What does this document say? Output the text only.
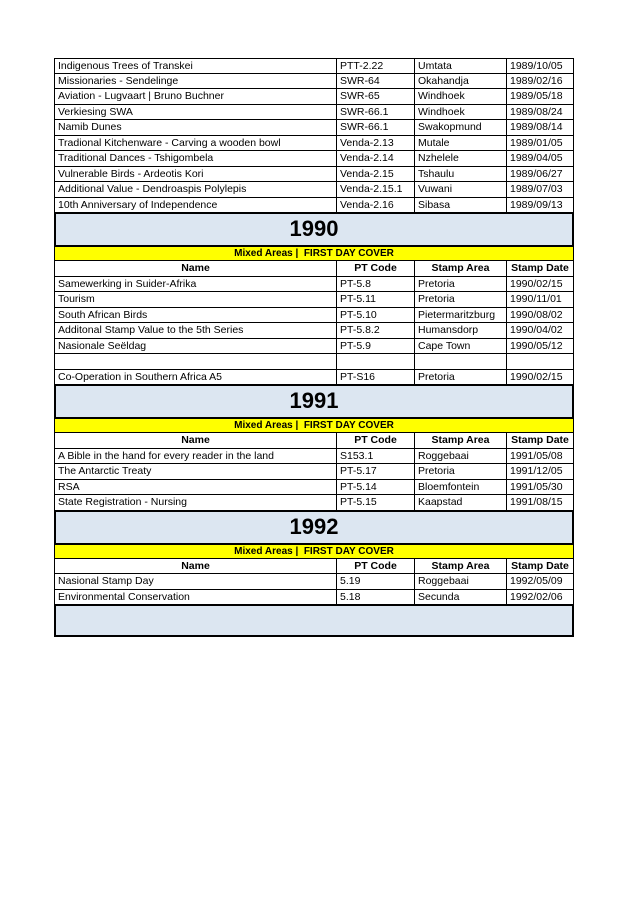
Indigenous Trees of Transkei	PTT-2.22	Umtata	1989/10/05
Missionaries - Sendelinge	SWR-64	Okahandja	1989/02/16
Aviation - Lugvaart | Bruno Buchner	SWR-65	Windhoek	1989/05/18
Verkiesing SWA	SWR-66.1	Windhoek	1989/08/24
Namib Dunes	SWR-66.1	Swakopmund	1989/08/14
Tradional Kitchenware - Carving a wooden bowl	Venda-2.13	Mutale	1989/01/05
Traditional Dances - Tshigombela	Venda-2.14	Nzhelele	1989/04/05
Vulnerable Birds - Ardeotis Kori	Venda-2.15	Tshaulu	1989/06/27
Additional Value - Dendroaspis Polylepis	Venda-2.15.1	Vuwani	1989/07/03
10th Anniversary of Independence	Venda-2.16	Sibasa	1989/09/13
1990
Mixed Areas | FIRST DAY COVER
Name	PT Code	Stamp Area	Stamp Date
Samewerking in Suider-Afrika	PT-5.8	Pretoria	1990/02/15
Tourism	PT-5.11	Pretoria	1990/11/01
South African Birds	PT-5.10	Pietermaritzburg	1990/08/02
Additonal Stamp Value to the 5th Series	PT-5.8.2	Humansdorp	1990/04/02
Nasionale Seëldag	PT-5.9	Cape Town	1990/05/12
Co-Operation in Southern Africa A5	PT-S16	Pretoria	1990/02/15
1991
Mixed Areas | FIRST DAY COVER
Name	PT Code	Stamp Area	Stamp Date
A Bible in the hand for every reader in the land	S153.1	Roggebaai	1991/05/08
The Antarctic Treaty	PT-5.17	Pretoria	1991/12/05
RSA	PT-5.14	Bloemfontein	1991/05/30
State Registration - Nursing	PT-5.15	Kaapstad	1991/08/15
1992
Mixed Areas | FIRST DAY COVER
Name	PT Code	Stamp Area	Stamp Date
Nasional Stamp Day	5.19	Roggebaai	1992/05/09
Environmental Conservation	5.18	Secunda	1992/02/06
